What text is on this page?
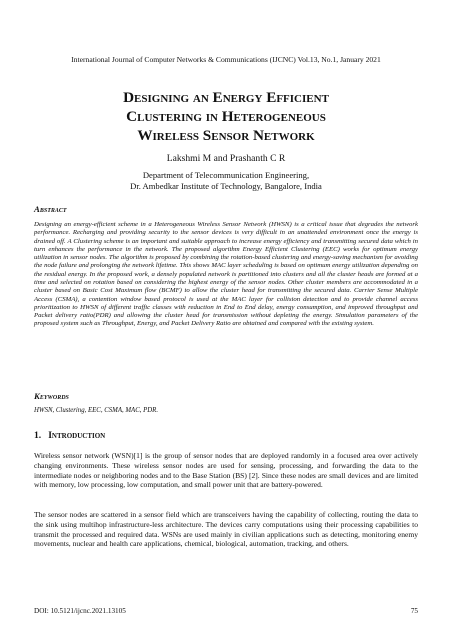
International Journal of Computer Networks & Communications (IJCNC) Vol.13, No.1, January 2021
Designing an Energy Efficient
Clustering in Heterogeneous
Wireless Sensor Network
Lakshmi M and Prashanth C R
Department of Telecommunication Engineering,
Dr. Ambedkar Institute of Technology, Bangalore, India
Abstract

Designing an energy-efficient scheme in a Heterogeneous Wireless Sensor Network (HWSN) is a critical issue that degrades the network performance. Recharging and providing security to the sensor devices is very difficult in an unattended environment once the energy is drained off. A Clustering scheme is an important and suitable approach to increase energy efficiency and transmitting secured data which in turn enhances the performance in the network. The proposed algorithm Energy Efficient Clustering (EEC) works for optimum energy utilization in sensor nodes. The algorithm is proposed by combining the rotation-based clustering and energy-saving mechanism for avoiding the node failure and prolonging the network lifetime. This shows MAC layer scheduling is based on optimum energy utilization depending on the residual energy. In the proposed work, a densely populated network is partitioned into clusters and all the cluster heads are formed at a time and selected on rotation based on considering the highest energy of the sensor nodes. Other cluster members are accommodated in a cluster based on Basic Cost Maximum flow (BCMF) to allow the cluster head for transmitting the secured data. Carrier Sense Multiple Access (CSMA), a contention window based protocol is used at the MAC layer for collision detection and to provide channel access prioritization to HWSN of different traffic classes with reduction in End to End delay, energy consumption, and improved throughput and Packet delivery ratio(PDR) and allowing the cluster head for transmission without depleting the energy. Simulation parameters of the proposed system such as Throughput, Energy, and Packet Delivery Ratio are obtained and compared with the existing system.

Keywords

HWSN, Clustering, EEC, CSMA, MAC, PDR.

1. Introduction

Wireless sensor network (WSN)[1] is the group of sensor nodes that are deployed randomly in a focused area over actively changing environments. These wireless sensor nodes are used for sensing, processing, and forwarding the data to the intermediate nodes or neighboring nodes and to the Base Station (BS) [2]. Since these nodes are small devices and are limited with memory, low processing, low computation, and small power unit that are battery-powered.

The sensor nodes are scattered in a sensor field which are transceivers having the capability of collecting, routing the data to the sink using multihop infrastructure-less architecture. The devices carry computations using their processing capabilities to transmit the processed and required data. WSNs are used mainly in civilian applications such as detecting, monitoring enemy movements, nuclear and health care applications, chemical, biological, automation, tracking, and others.

DOI: 10.5121/ijcnc.2021.13105	75
